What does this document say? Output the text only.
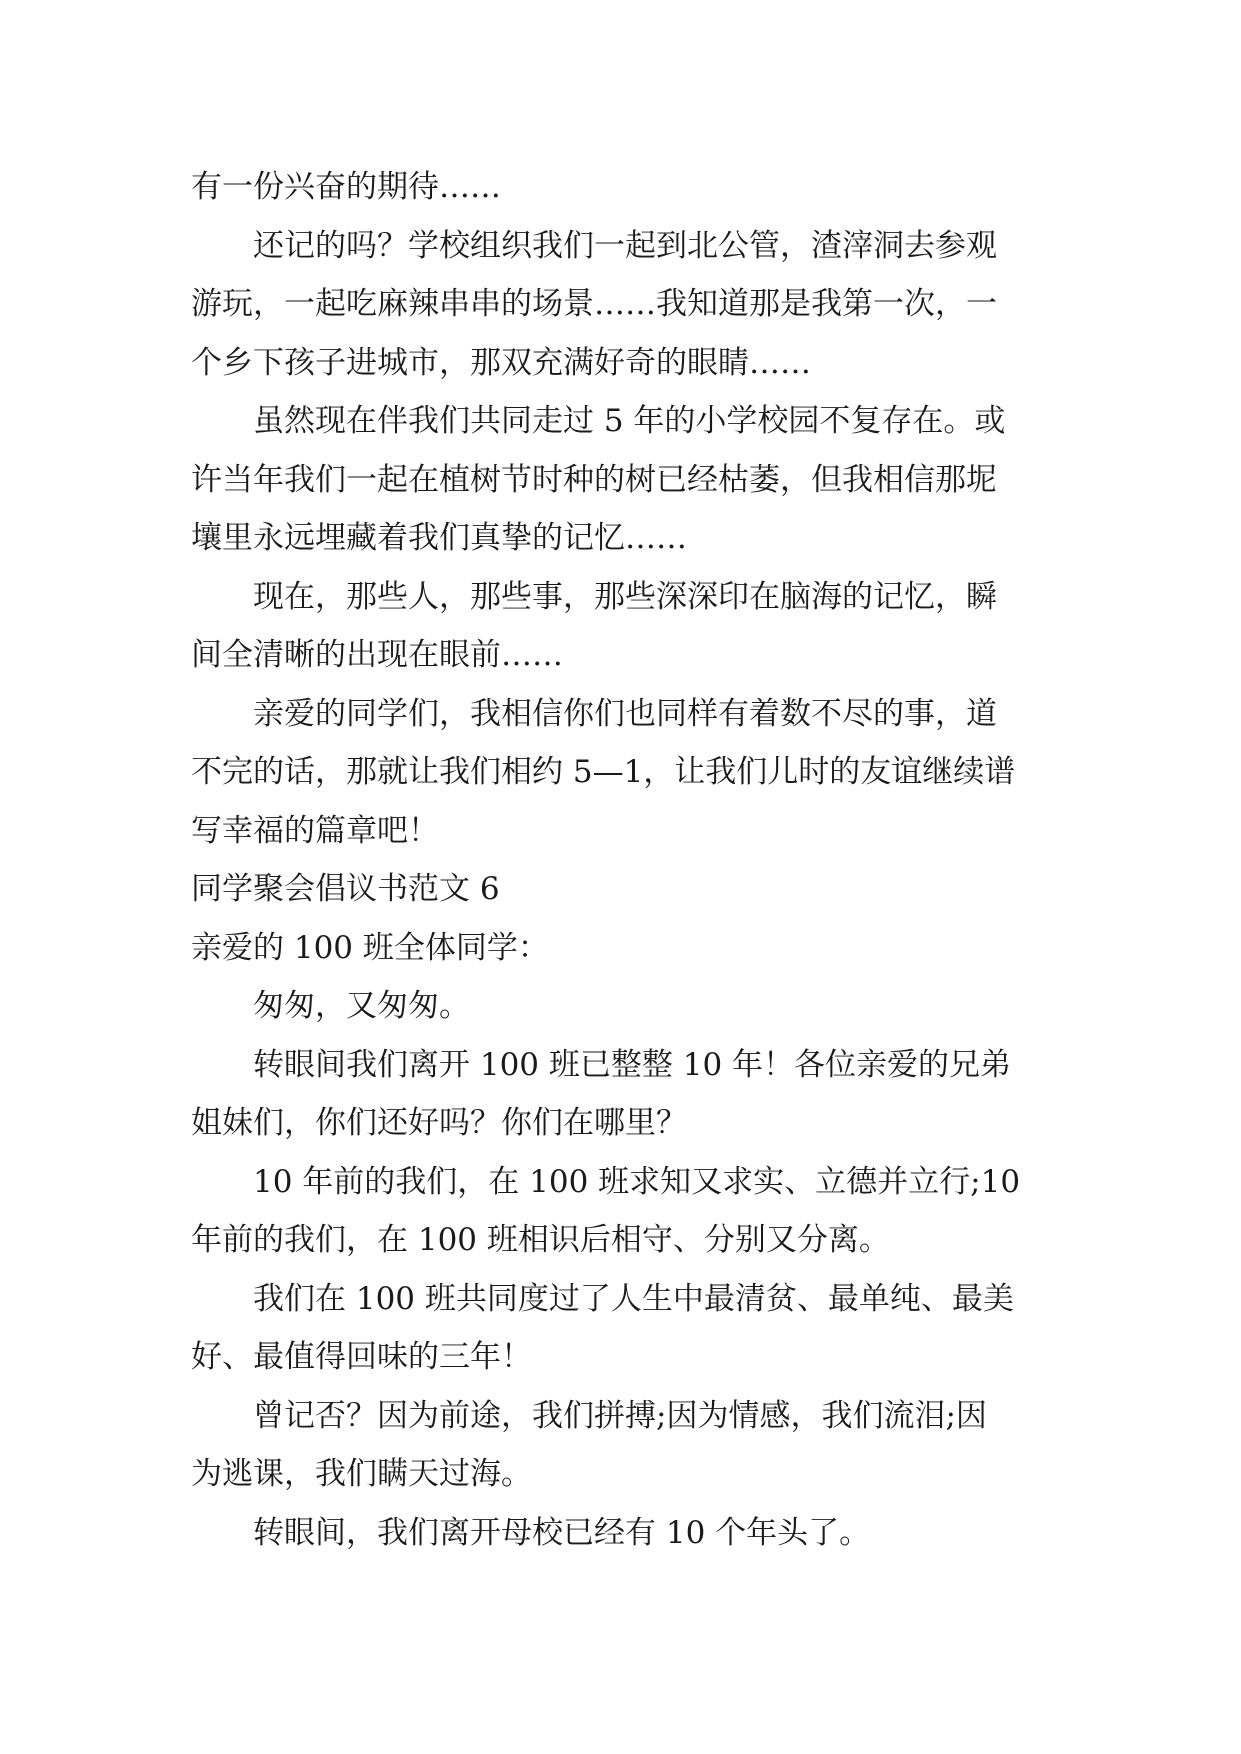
有一份兴奋的期待……
还记的吗？学校组织我们一起到北公管，渣滓洞去参观
游玩，一起吃麻辣串串的场景……我知道那是我第一次，一
个乡下孩子进城市，那双充满好奇的眼睛……
虽然现在伴我们共同走过 5 年的小学校园不复存在。或
许当年我们一起在植树节时种的树已经枯萎，但我相信那坭
壤里永远埋藏着我们真挚的记忆……
现在，那些人，那些事，那些深深印在脑海的记忆，瞬
间全清晰的出现在眼前……
亲爱的同学们，我相信你们也同样有着数不尽的事，道
不完的话，那就让我们相约 5—1，让我们儿时的友谊继续谱
写幸福的篇章吧！
同学聚会倡议书范文 6
亲爱的 100 班全体同学：
匆匆，又匆匆。
转眼间我们离开 100 班已整整 10 年！各位亲爱的兄弟
姐妹们，你们还好吗？你们在哪里？
10 年前的我们，在 100 班求知又求实、立德并立行;10
年前的我们，在 100 班相识后相守、分别又分离。
我们在 100 班共同度过了人生中最清贫、最单纯、最美
好、最值得回味的三年！
曾记否？因为前途，我们拼搏;因为情感，我们流泪;因
为逃课，我们瞒天过海。
转眼间，我们离开母校已经有 10 个年头了。
